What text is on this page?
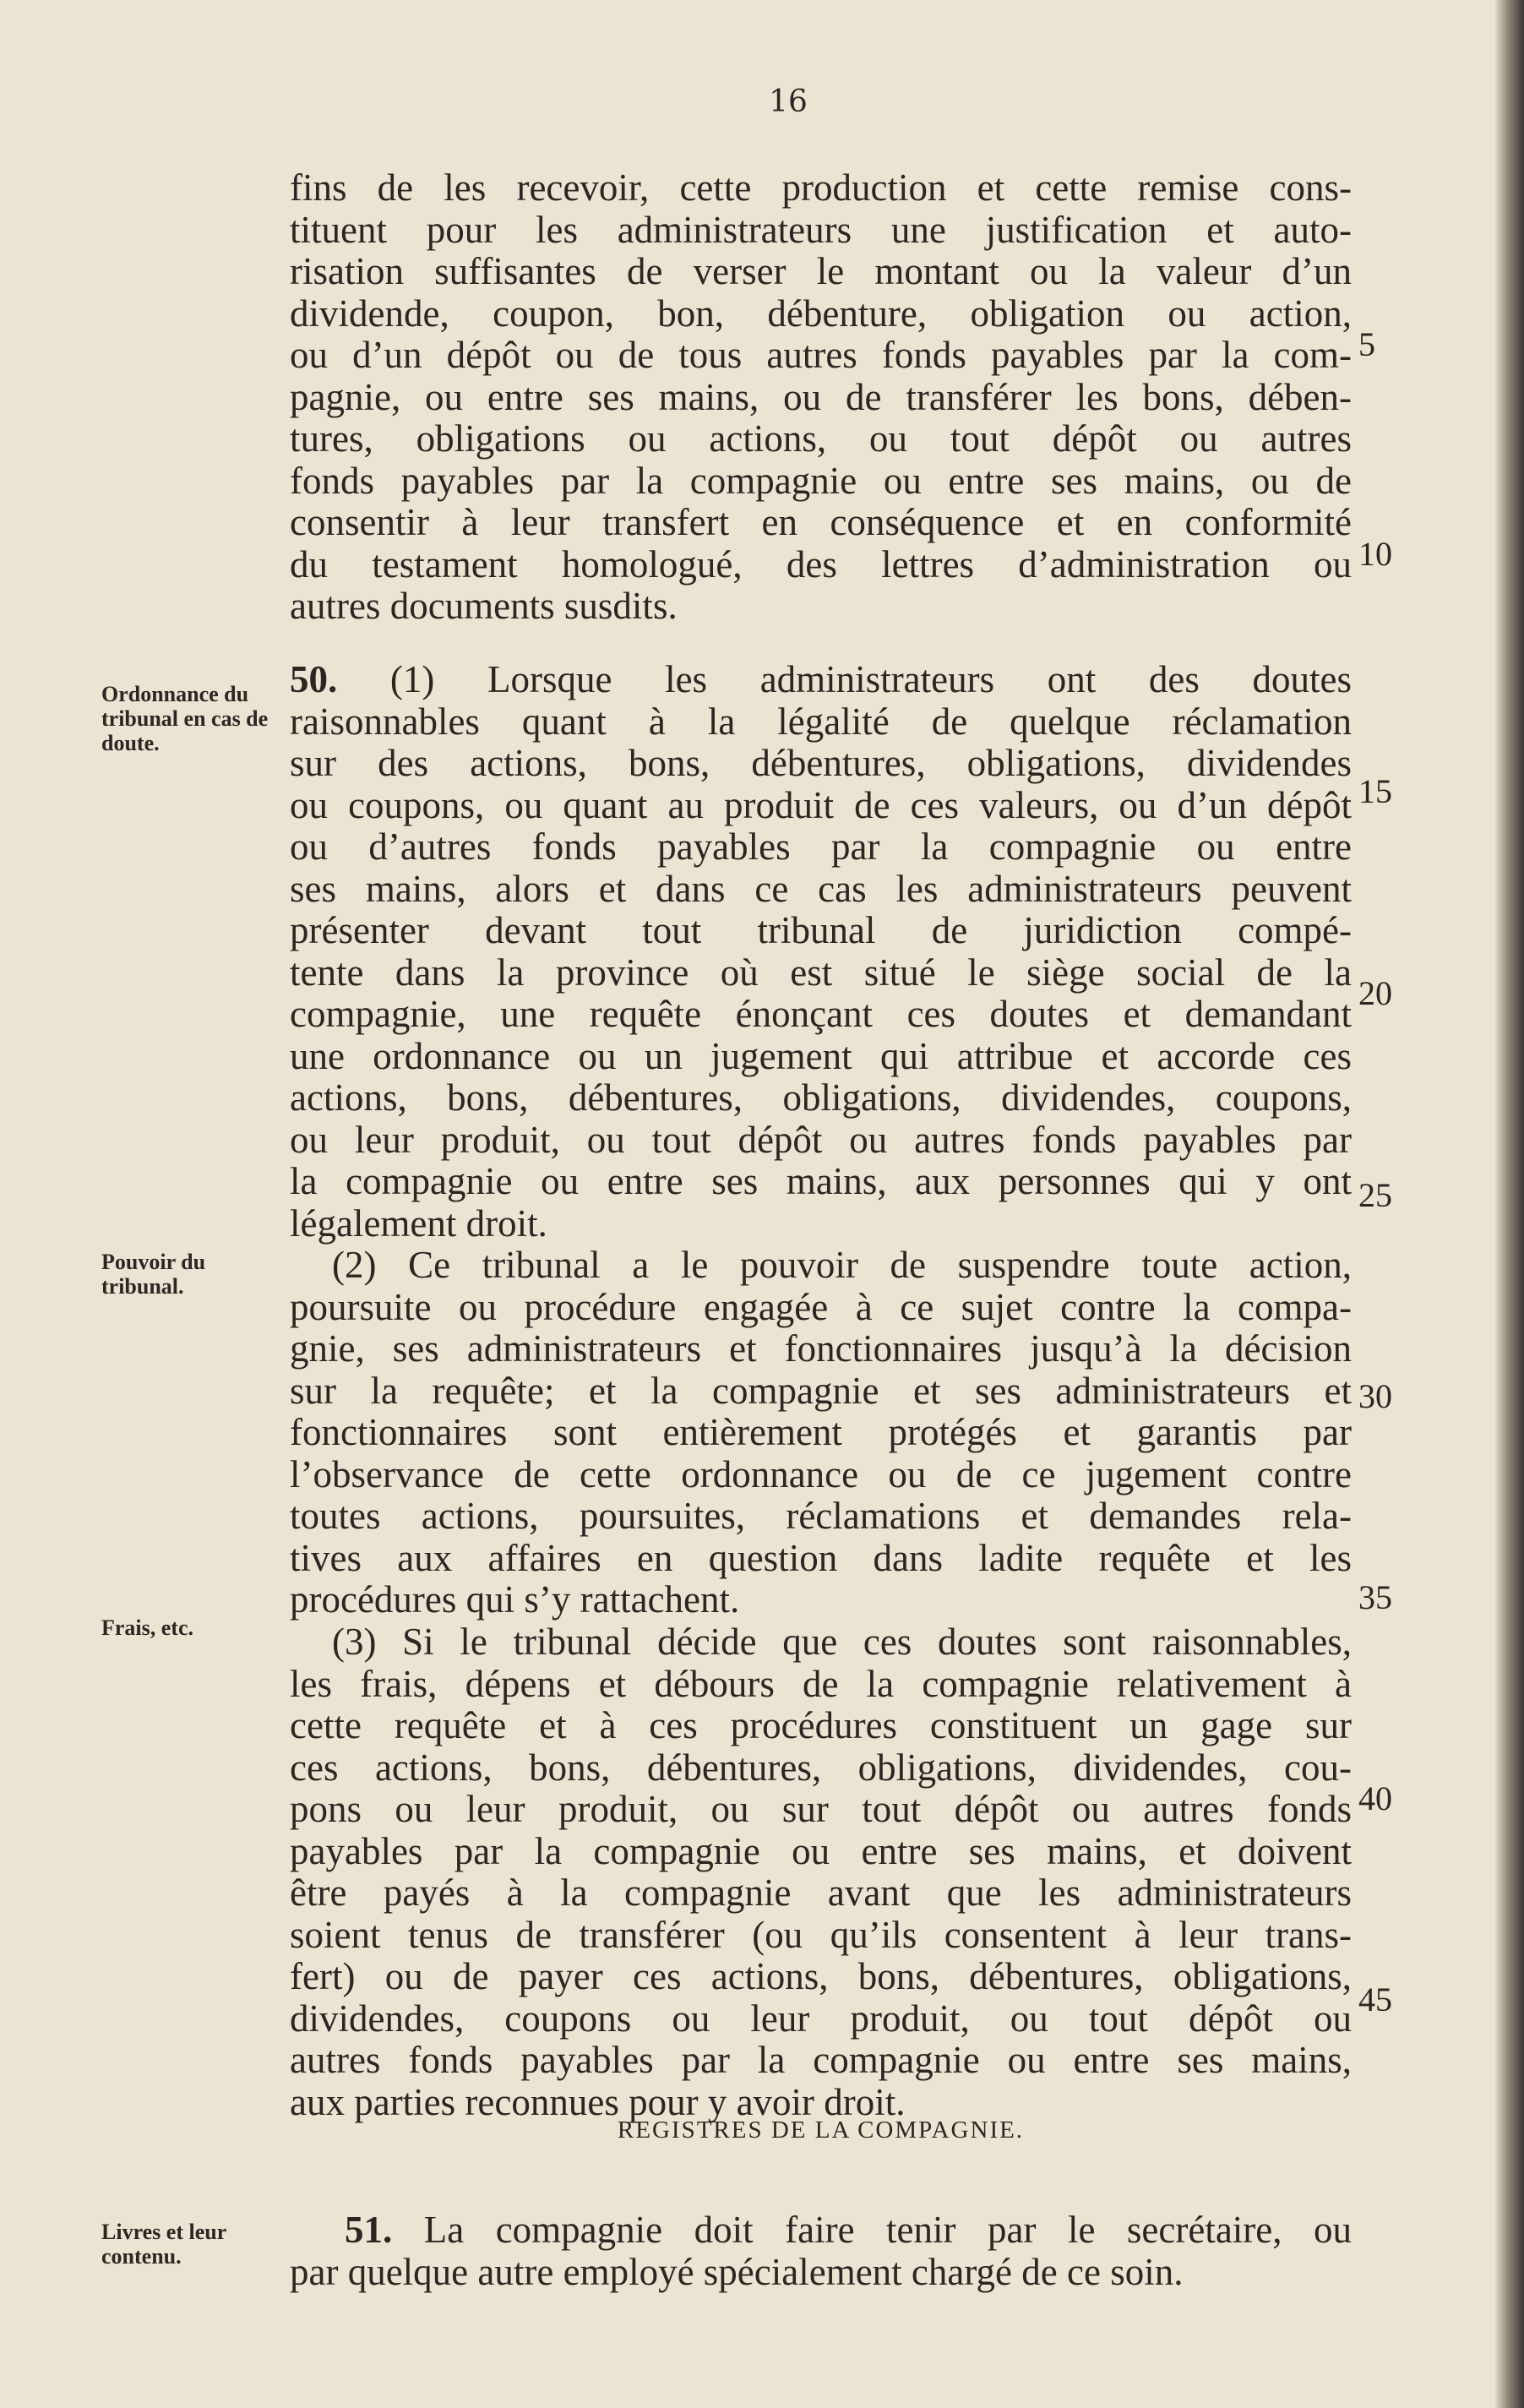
16
Ordonnance du tribunal en cas de doute.
Pouvoir du tribunal.
Frais, etc.
Livres et leur contenu.
fins de les recevoir, cette production et cette remise cons-
tituent pour les administrateurs une justification et auto-
risation suffisantes de verser le montant ou la valeur d’un
dividende, coupon, bon, débenture, obligation ou action,
ou d’un dépôt ou de tous autres fonds payables par la com-
pagnie, ou entre ses mains, ou de transférer les bons, dében-
tures, obligations ou actions, ou tout dépôt ou autres
fonds payables par la compagnie ou entre ses mains, ou de
consentir à leur transfert en conséquence et en conformité
du testament homologué, des lettres d’administration ou
autres documents susdits.
50. (1) Lorsque les administrateurs ont des doutes
raisonnables quant à la légalité de quelque réclamation
sur des actions, bons, débentures, obligations, dividendes
ou coupons, ou quant au produit de ces valeurs, ou d’un dépôt
ou d’autres fonds payables par la compagnie ou entre
ses mains, alors et dans ce cas les administrateurs peuvent
présenter devant tout tribunal de juridiction compé-
tente dans la province où est situé le siège social de la
compagnie, une requête énonçant ces doutes et demandant
une ordonnance ou un jugement qui attribue et accorde ces
actions, bons, débentures, obligations, dividendes, coupons,
ou leur produit, ou tout dépôt ou autres fonds payables par
la compagnie ou entre ses mains, aux personnes qui y ont
légalement droit.
(2) Ce tribunal a le pouvoir de suspendre toute action,
poursuite ou procédure engagée à ce sujet contre la compa-
gnie, ses administrateurs et fonctionnaires jusqu’à la décision
sur la requête; et la compagnie et ses administrateurs et
fonctionnaires sont entièrement protégés et garantis par
l’observance de cette ordonnance ou de ce jugement contre
toutes actions, poursuites, réclamations et demandes rela-
tives aux affaires en question dans ladite requête et les
procédures qui s’y rattachent.
(3) Si le tribunal décide que ces doutes sont raisonnables,
les frais, dépens et débours de la compagnie relativement à
cette requête et à ces procédures constituent un gage sur
ces actions, bons, débentures, obligations, dividendes, cou-
pons ou leur produit, ou sur tout dépôt ou autres fonds
payables par la compagnie ou entre ses mains, et doivent
être payés à la compagnie avant que les administrateurs
soient tenus de transférer (ou qu’ils consentent à leur trans-
fert) ou de payer ces actions, bons, débentures, obligations,
dividendes, coupons ou leur produit, ou tout dépôt ou
autres fonds payables par la compagnie ou entre ses mains,
aux parties reconnues pour y avoir droit.
REGISTRES DE LA COMPAGNIE.
51. La compagnie doit faire tenir par le secrétaire, ou
par quelque autre employé spécialement chargé de ce soin.
5
10
15
20
25
30
35
40
45
